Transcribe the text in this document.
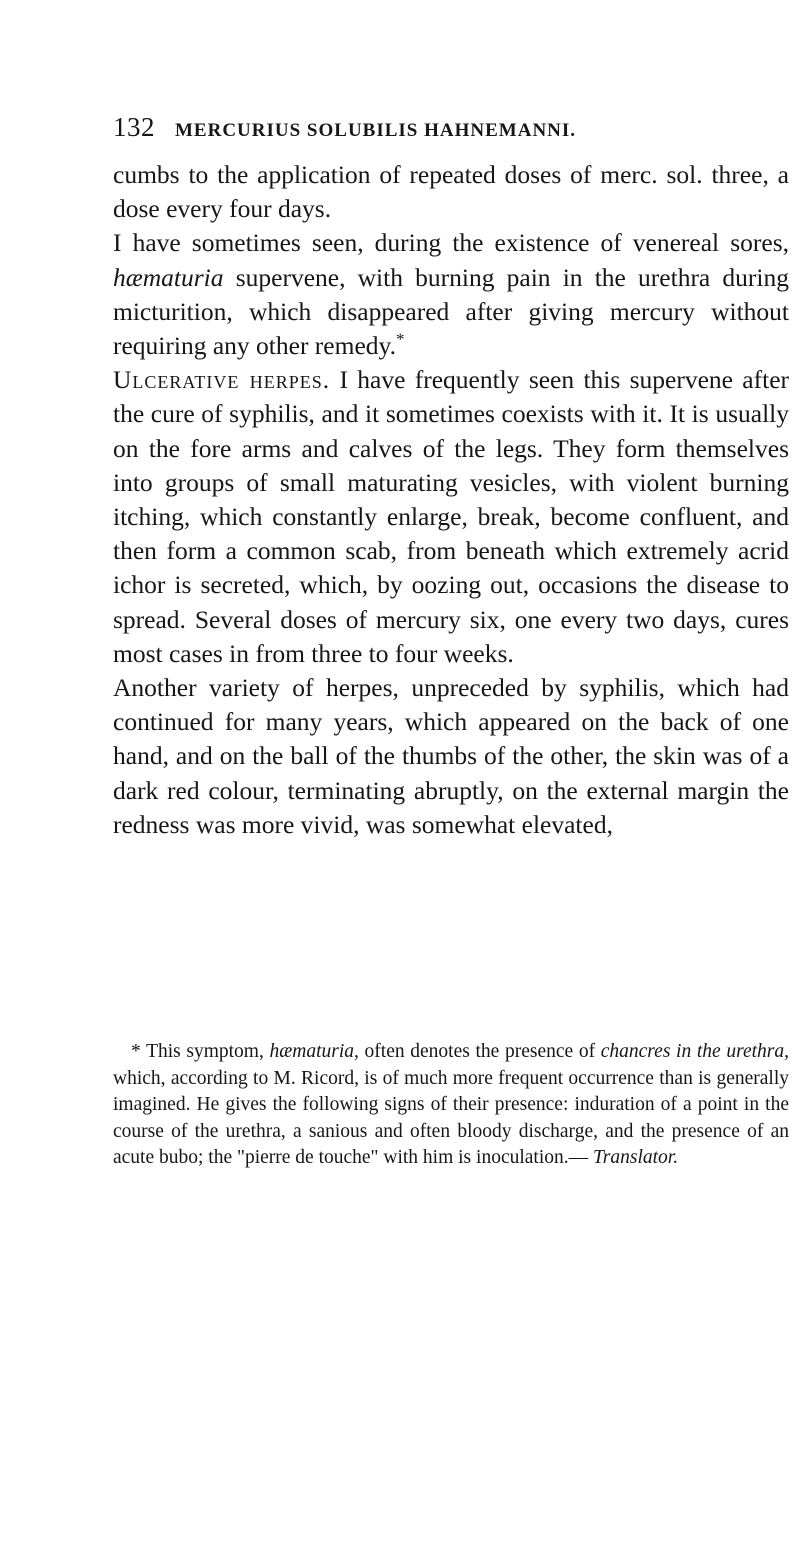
132 MERCURIUS SOLUBILIS HAHNEMANNI.

cumbs to the application of repeated doses of merc. sol. three, a dose every four days.

I have sometimes seen, during the existence of venereal sores, hæmaturia supervene, with burning pain in the urethra during micturition, which disappeared after giving mercury without requiring any other remedy.*

Ulcerative herpes. I have frequently seen this supervene after the cure of syphilis, and it sometimes coexists with it. It is usually on the fore arms and calves of the legs. They form themselves into groups of small maturating vesicles, with violent burning itching, which constantly enlarge, break, become confluent, and then form a common scab, from beneath which extremely acrid ichor is secreted, which, by oozing out, occasions the disease to spread. Several doses of mercury six, one every two days, cures most cases in from three to four weeks.

Another variety of herpes, unpreceded by syphilis, which had continued for many years, which appeared on the back of one hand, and on the ball of the thumbs of the other, the skin was of a dark red colour, terminating abruptly, on the external margin the redness was more vivid, was somewhat elevated,

* This symptom, hæmaturia, often denotes the presence of chancres in the urethra, which, according to M. Ricord, is of much more frequent occurrence than is generally imagined. He gives the following signs of their presence: induration of a point in the course of the urethra, a sanious and often bloody discharge, and the presence of an acute bubo; the "pierre de touche" with him is inoculation.— Translator.
